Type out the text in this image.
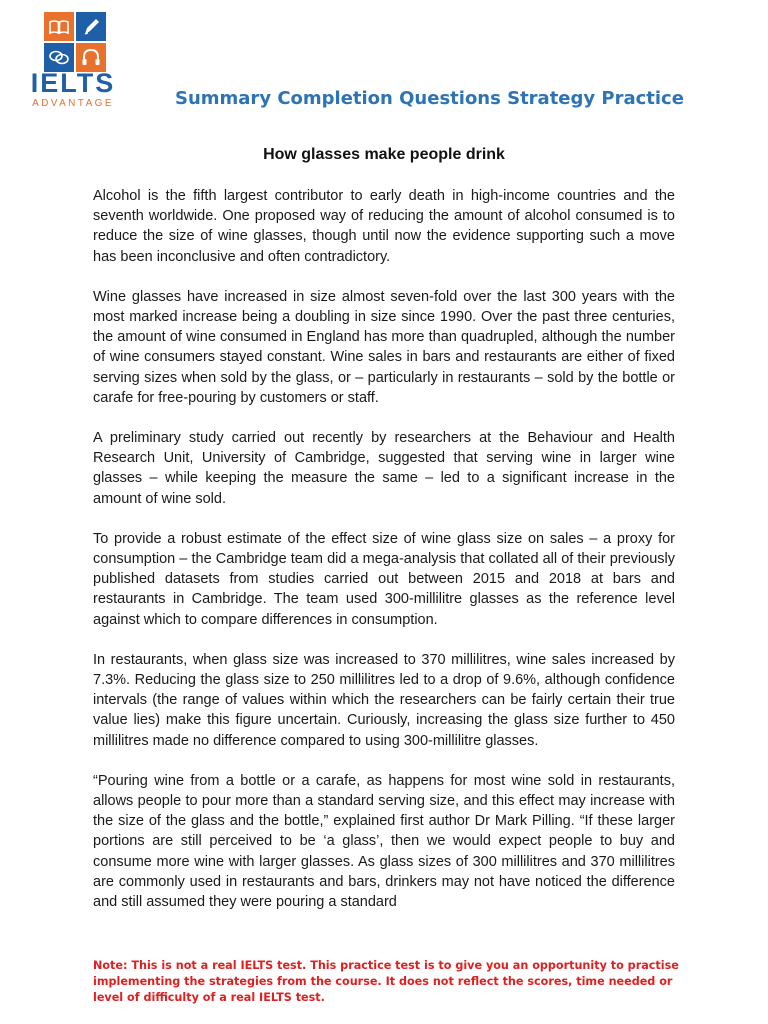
IELTS
ADVANTAGE	Summary Completion Questions Strategy Practice
How glasses make people drink

Alcohol is the fifth largest contributor to early death in high-income countries and the seventh worldwide. One proposed way of reducing the amount of alcohol consumed is to reduce the size of wine glasses, though until now the evidence supporting such a move has been inconclusive and often contradictory.

Wine glasses have increased in size almost seven-fold over the last 300 years with the most marked increase being a doubling in size since 1990. Over the past three centuries, the amount of wine consumed in England has more than quadrupled, although the number of wine consumers stayed constant. Wine sales in bars and restaurants are either of fixed serving sizes when sold by the glass, or – particularly in restaurants – sold by the bottle or carafe for free-pouring by customers or staff.

A preliminary study carried out recently by researchers at the Behaviour and Health Research Unit, University of Cambridge, suggested that serving wine in larger wine glasses – while keeping the measure the same – led to a significant increase in the amount of wine sold.

To provide a robust estimate of the effect size of wine glass size on sales – a proxy for consumption – the Cambridge team did a mega-analysis that collated all of their previously published datasets from studies carried out between 2015 and 2018 at bars and restaurants in Cambridge. The team used 300-millilitre glasses as the reference level against which to compare differences in consumption.

In restaurants, when glass size was increased to 370 millilitres, wine sales increased by 7.3%. Reducing the glass size to 250 millilitres led to a drop of 9.6%, although confidence intervals (the range of values within which the researchers can be fairly certain their true value lies) make this figure uncertain. Curiously, increasing the glass size further to 450 millilitres made no difference compared to using 300-millilitre glasses.

“Pouring wine from a bottle or a carafe, as happens for most wine sold in restaurants, allows people to pour more than a standard serving size, and this effect may increase with the size of the glass and the bottle,” explained first author Dr Mark Pilling. “If these larger portions are still perceived to be ‘a glass’, then we would expect people to buy and consume more wine with larger glasses. As glass sizes of 300 millilitres and 370 millilitres are commonly used in restaurants and bars, drinkers may not have noticed the difference and still assumed they were pouring a standard

Note: This is not a real IELTS test. This practice test is to give you an opportunity to practise implementing the strategies from the course. It does not reflect the scores, time needed or level of difficulty of a real IELTS test.
